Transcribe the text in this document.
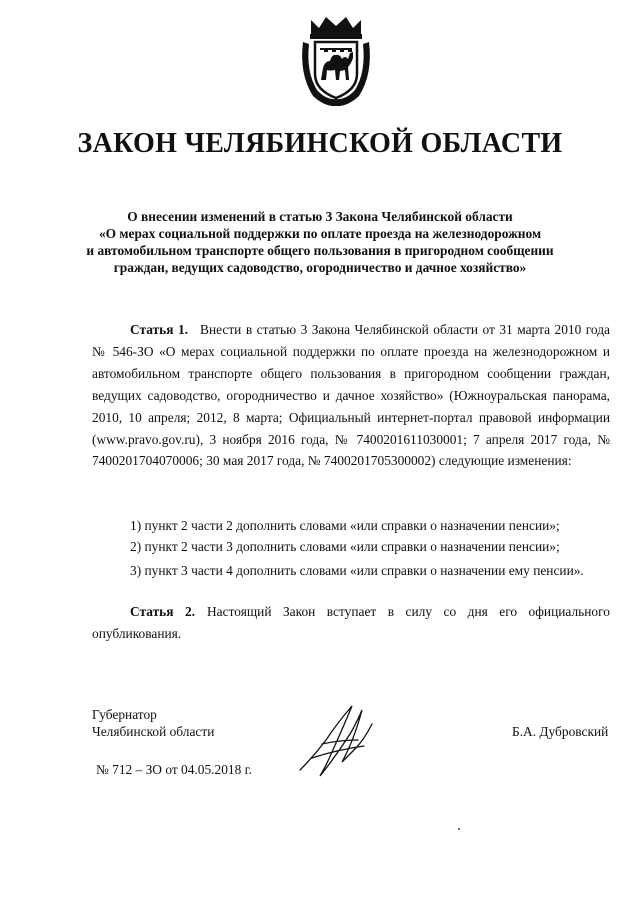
ЗАКОН ЧЕЛЯБИНСКОЙ ОБЛАСТИ
О внесении изменений в статью 3 Закона Челябинской области
«О мерах социальной поддержки по оплате проезда на железнодорожном
и автомобильном транспорте общего пользования в пригородном сообщении
граждан, ведущих садоводство, огородничество и дачное хозяйство»

Статья 1. Внести в статью 3 Закона Челябинской области от 31 марта 2010 года № 546-ЗО «О мерах социальной поддержки по оплате проезда на железнодорожном и автомобильном транспорте общего пользования в пригородном сообщении граждан, ведущих садоводство, огородничество и дачное хозяйство» (Южноуральская панорама, 2010, 10 апреля; 2012, 8 марта; Официальный интернет-портал правовой информации (www.pravo.gov.ru), 3 ноября 2016 года, № 7400201611030001; 7 апреля 2017 года, № 7400201704070006; 30 мая 2017 года, № 7400201705300002) следующие изменения:

1) пункт 2 части 2 дополнить словами «или справки о назначении пенсии»;
2) пункт 2 части 3 дополнить словами «или справки о назначении пенсии»;
3) пункт 3 части 4 дополнить словами «или справки о назначении ему пенсии».

Статья 2. Настоящий Закон вступает в силу со дня его официального опубликования.

Губернатор
Челябинской области	Б.А. Дубровский
№ 712 – ЗО от 04.05.2018 г.
